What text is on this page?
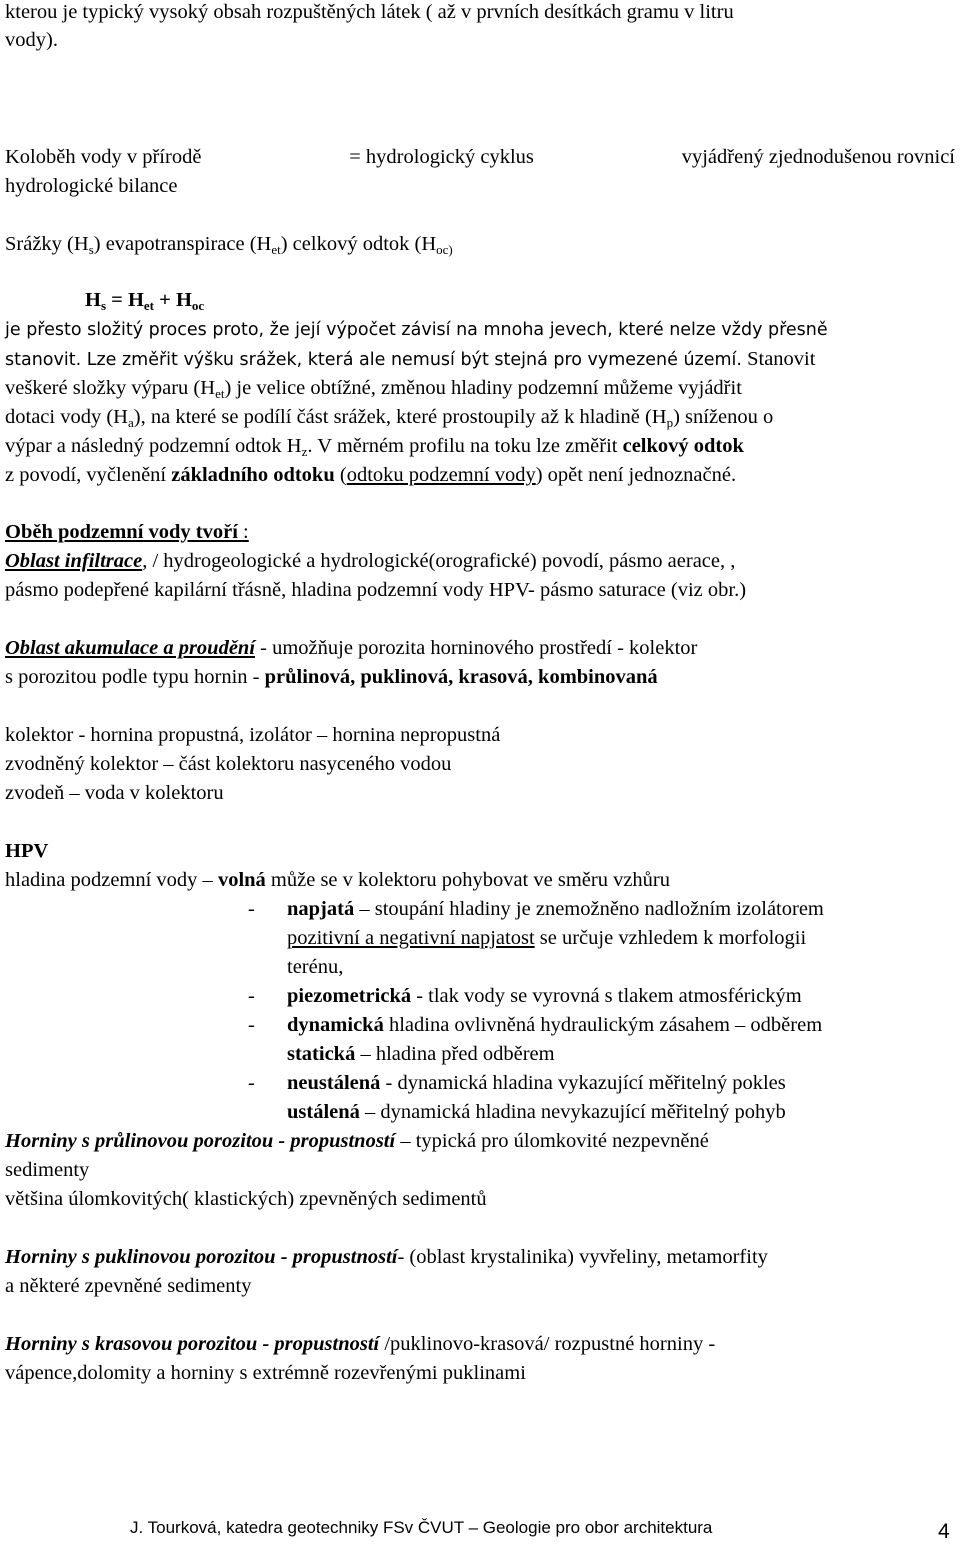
kterou je typický vysoký obsah rozpuštěných látek ( až v prvních desítkách gramu v litru
vody).
Koloběh vody v přírodě	= hydrologický cyklus	vyjádřený zjednodušenou rovnicí
hydrologické bilance
Srážky $(H_s)$ evapotranspirace $(H_{et})$ celkový odtok ($H_{oc)}$
$H_s = H_{et} + H_{oc}$
je přesto složitý proces proto, že její výpočet závisí na mnoha jevech, které nelze vždy přesně
stanovit. Lze změřit výšku srážek, která ale nemusí být stejná pro vymezené území. Stanovit
veškeré složky výparu $(H_{et})$ je velice obtížné, změnou hladiny podzemní můžeme vyjádřit
dotaci vody $(H_a)$, na které se podílí část srážek, které prostoupily až k hladině $(H_p)$ sníženou o
výpar a následný podzemní odtok $H_z$. V měrném profilu na toku lze změřit celkový odtok
z povodí, vyčlenění základního odtoku (odtoku podzemní vody) opět není jednoznačné.
Oběh podzemní vody tvoří :
Oblast infiltrace, / hydrogeologické a hydrologické(orografické) povodí, pásmo aerace, ,
pásmo podepřené kapilární třásně, hladina podzemní vody HPV- pásmo saturace (viz obr.)
Oblast akumulace a proudění - umožňuje porozita horninového prostředí - kolektor
s porozitou podle typu hornin - průlinová, puklinová, krasová, kombinovaná
kolektor - hornina propustná, izolátor – hornina nepropustná
zvodněný kolektor – část kolektoru nasyceného vodou
zvodeň – voda v kolektoru
HPV
hladina podzemní vody – volná může se v kolektoru pohybovat ve směru vzhůru
- napjatá – stoupání hladiny je znemožněno nadložním izolátorem
pozitivní a negativní napjatost se určuje vzhledem k morfologii
terénu,
- piezometrická - tlak vody se vyrovná s tlakem atmosférickým
- dynamická hladina ovlivněná hydraulickým zásahem – odběrem
statická – hladina před odběrem
- neustálená - dynamická hladina vykazující měřitelný pokles
ustálená – dynamická hladina nevykazující měřitelný pohyb
Horniny s průlinovou porozitou - propustností – typická pro úlomkovité nezpevněné
sedimenty
většina úlomkovitých( klastických) zpevněných sedimentů
Horniny s puklinovou porozitou - propustností- (oblast krystalinika) vyvřeliny, metamorfity
a některé zpevněné sedimenty
Horniny s krasovou porozitou - propustností /puklinovo-krasová/ rozpustné horniny -
vápence,dolomity a horniny s extrémně rozevřenými puklinami
J. Tourková, katedra geotechniky FSv ČVUT – Geologie pro obor architektura	4
